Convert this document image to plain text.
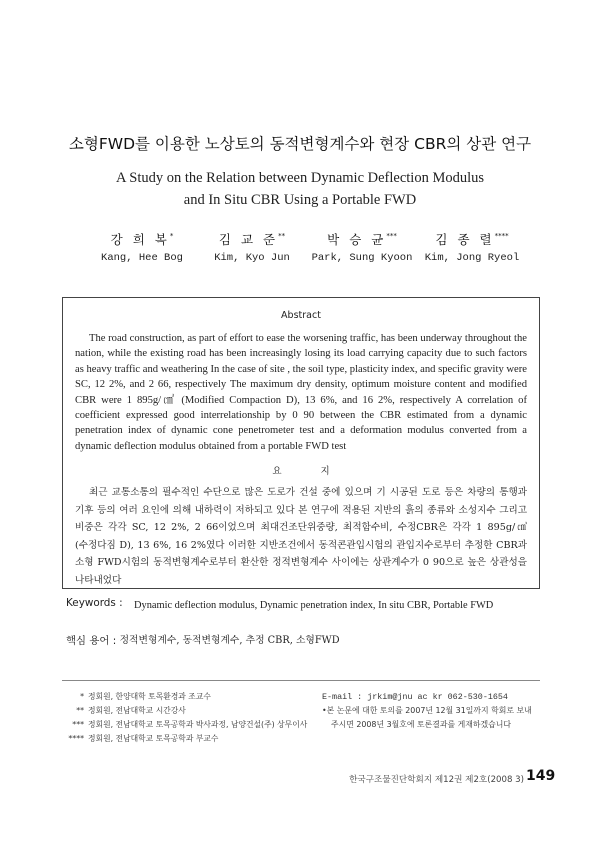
소형FWD를 이용한 노상토의 동적변형계수와 현장 CBR의 상관 연구
A Study on the Relation between Dynamic Deflection Modulus
and In Situ CBR Using a Portable FWD
강 희 복*	김 교 준**	박 승 균***	김 종 렬****
Kang, Hee Bog	Kim, Kyo Jun	Park, Sung Kyoon	Kim, Jong Ryeol
Abstract

The road construction, as part of effort to ease the worsening traffic, has been underway throughout the nation, while the existing road has been increasingly losing its load carrying capacity due to such factors as heavy traffic and weathering In the case of site , the soil type, plasticity index, and specific gravity were SC, 12 2%, and 2 66, respectively The maximum dry density, optimum moisture content and modified CBR were 1 895g/㎤ (Modified Compaction D), 13 6%, and 16 2%, respectively A correlation of coefficient expressed good interrelationship by 0 90 between the CBR estimated from a dynamic penetration index of dynamic cone penetrometer test and a deformation modulus converted from a dynamic deflection modulus obtained from a portable FWD test

요 지

최근 교통소통의 필수적인 수단으로 많은 도로가 건설 중에 있으며 기 시공된 도로 등은 차량의 통행과 기후 등의 여러 요인에 의해 내하력이 저하되고 있다 본 연구에 적용된 지반의 흙의 종류와 소성지수 그리고 비중은 각각 SC, 12 2%, 2 66이었으며 최대건조단위중량, 최적함수비, 수정CBR은 각각 1 895g/㎤ (수정다짐 D), 13 6%, 16 2%였다 이러한 지반조건에서 동적콘관입시험의 관입지수로부터 추정한 CBR과 소형 FWD시험의 동적변형계수로부터 환산한 정적변형계수 사이에는 상관계수가 0 90으로 높은 상관성을 나타내었다

Keywords : Dynamic deflection modulus, Dynamic penetration index, In situ CBR, Portable FWD
핵심 용어 : 정적변형계수, 동적변형계수, 추정 CBR, 소형FWD
* 정회원, 한양대학 토목환경과 조교수
** 정회원, 전남대학교 시간강사
*** 정회원, 전남대학교 토목공학과 박사과정, 남양건설(주) 상무이사
**** 정회원, 전남대학교 토목공학과 부교수
E-mail : jrkim@jnu ac kr 062-530-1654
•본 논문에 대한 토의를 2007년 12월 31일까지 학회로 보내 주시면 2008년 3월호에 토론결과를 게재하겠습니다
한국구조물진단학회지 제12권 제2호(2008 3) 149
